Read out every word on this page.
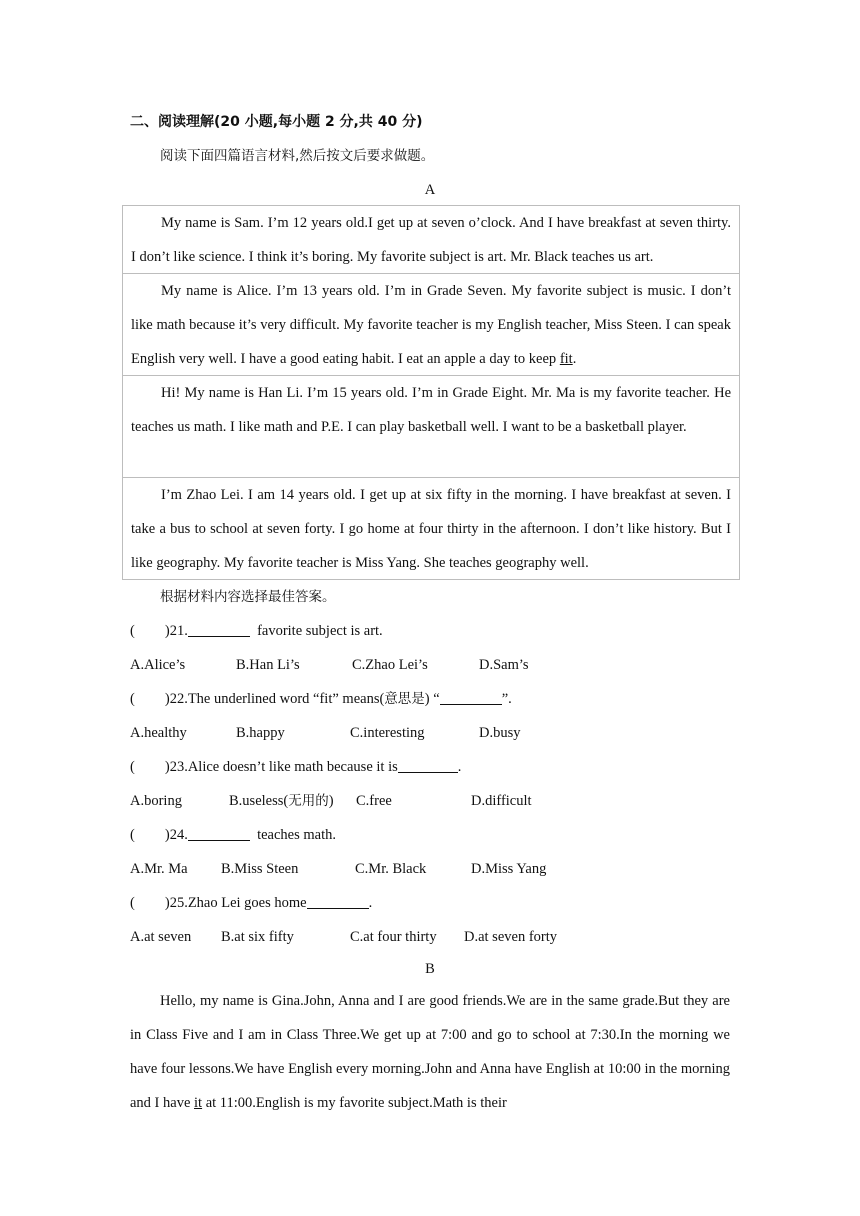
二、阅读理解(20 小题,每小题 2 分,共 40 分)
阅读下面四篇语言材料,然后按文后要求做题。
A

My name is Sam. I’m 12 years old.I get up at seven o’clock. And I have breakfast at seven thirty. I don’t like science. I think it’s boring. My favorite subject is art. Mr. Black teaches us art.

My name is Alice. I’m 13 years old. I’m in Grade Seven. My favorite subject is music. I don’t like math because it’s very difficult. My favorite teacher is my English teacher, Miss Steen. I can speak English very well. I have a good eating habit. I eat an apple a day to keep fit.

Hi! My name is Han Li. I’m 15 years old. I’m in Grade Eight. Mr. Ma is my favorite teacher. He teaches us math. I like math and P.E. I can play basketball well. I want to be a basketball player.

I’m Zhao Lei. I am 14 years old. I get up at six fifty in the morning. I have breakfast at seven. I take a bus to school at seven forty. I go home at four thirty in the afternoon. I don’t like history. But I like geography. My favorite teacher is Miss Yang. She teaches geography well.

根据材料内容选择最佳答案。
( )21.	favorite subject is art.
A.Alice’s	B.Han Li’s	C.Zhao Lei’s	D.Sam’s
( )22.The underlined word “fit” means(意思是) “	”.
A.healthy	B.happy	C.interesting	D.busy
( )23.Alice doesn’t like math because it is	.
A.boring	B.useless(无用的) C.free	D.difficult
( )24.	teaches math.
A.Mr. Ma B.Miss Steen	C.Mr. Black	D.Miss Yang
( )25.Zhao Lei goes home	.
A.at seven B.at six fifty	C.at four thirty D.at seven forty
B

Hello, my name is Gina.John, Anna and I are good friends.We are in the same grade.But they are in Class Five and I am in Class Three.We get up at 7:00 and go to school at 7:30.In the morning we have four lessons.We have English every morning.John and Anna have English at 10:00 in the morning and I have it at 11:00.English is my favorite subject.Math is their
